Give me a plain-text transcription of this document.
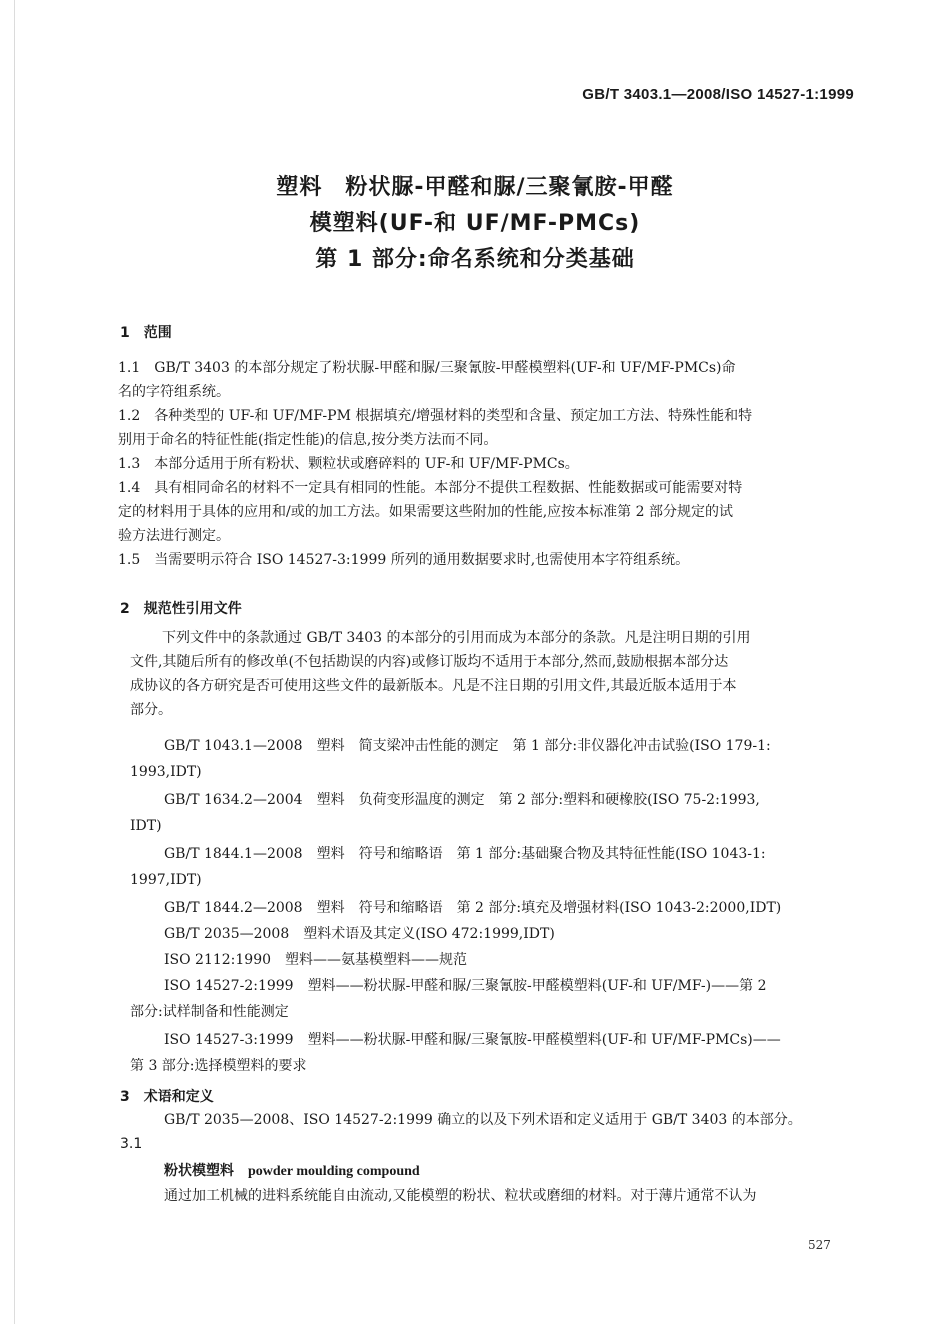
GB/T 3403.1—2008/ISO 14527-1:1999
塑料　粉状脲-甲醛和脲/三聚氰胺-甲醛
模塑料(UF-和 UF/MF-PMCs)
第 1 部分:命名系统和分类基础
1　范围

1.1　GB/T 3403 的本部分规定了粉状脲-甲醛和脲/三聚氰胺-甲醛模塑料(UF-和 UF/MF-PMCs)命

名的字符组系统。

1.2　各种类型的 UF-和 UF/MF-PM 根据填充/增强材料的类型和含量、预定加工方法、特殊性能和特

别用于命名的特征性能(指定性能)的信息,按分类方法而不同。

1.3　本部分适用于所有粉状、颗粒状或磨碎料的 UF-和 UF/MF-PMCs。

1.4　具有相同命名的材料不一定具有相同的性能。本部分不提供工程数据、性能数据或可能需要对特

定的材料用于具体的应用和/或的加工方法。如果需要这些附加的性能,应按本标准第 2 部分规定的试

验方法进行测定。

1.5　当需要明示符合 ISO 14527-3:1999 所列的通用数据要求时,也需使用本字符组系统。

2　规范性引用文件

下列文件中的条款通过 GB/T 3403 的本部分的引用而成为本部分的条款。凡是注明日期的引用

文件,其随后所有的修改单(不包括勘误的内容)或修订版均不适用于本部分,然而,鼓励根据本部分达

成协议的各方研究是否可使用这些文件的最新版本。凡是不注日期的引用文件,其最近版本适用于本

部分。

GB/T 1043.1—2008　塑料　简支梁冲击性能的测定　第 1 部分:非仪器化冲击试验(ISO 179-1:
1993,IDT)
GB/T 1634.2—2004　塑料　负荷变形温度的测定　第 2 部分:塑料和硬橡胶(ISO 75-2:1993,
IDT)
GB/T 1844.1—2008　塑料　符号和缩略语　第 1 部分:基础聚合物及其特征性能(ISO 1043-1:
1997,IDT)
GB/T 1844.2—2008　塑料　符号和缩略语　第 2 部分:填充及增强材料(ISO 1043-2:2000,IDT)
GB/T 2035—2008　塑料术语及其定义(ISO 472:1999,IDT)
ISO 2112:1990　塑料——氨基模塑料——规范
ISO 14527-2:1999　塑料——粉状脲-甲醛和脲/三聚氰胺-甲醛模塑料(UF-和 UF/MF-)——第 2
部分:试样制备和性能测定
ISO 14527-3:1999　塑料——粉状脲-甲醛和脲/三聚氰胺-甲醛模塑料(UF-和 UF/MF-PMCs)——
第 3 部分:选择模塑料的要求
3　术语和定义
GB/T 2035—2008、ISO 14527-2:1999 确立的以及下列术语和定义适用于 GB/T 3403 的本部分。
3.1
粉状模塑料 powder moulding compound
通过加工机械的进料系统能自由流动,又能模塑的粉状、粒状或磨细的材料。对于薄片通常不认为
527
